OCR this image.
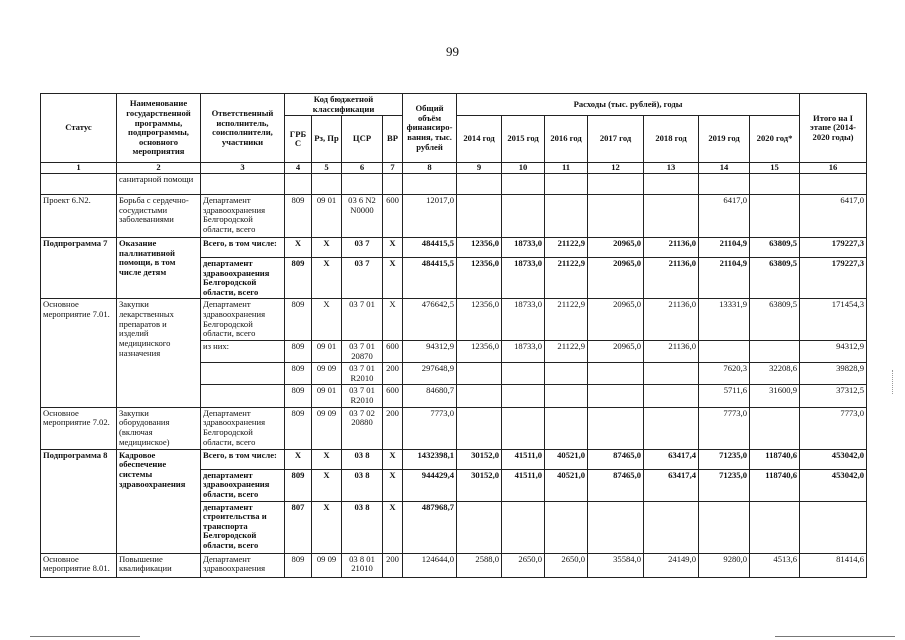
99
Статус	Наименование государственной программы, подпрограммы, основного мероприятия	Ответственный исполнитель, соисполнители, участники	Код бюджетной классификации				Общий объём финансиро-вания, тыс. рублей	Расходы (тыс. рублей), годы							Итого на I этапе (2014-2020 годы)
			ГРБС	Рз, Пр	ЦСР	ВР		2014 год	2015 год	2016 год	2017 год	2018 год	2019 год	2020 год*	
1	2	3	4	5	6	7	8	9	10	11	12	13	14	15	16
	санитарной помощи														
Проект 6.N2.	Борьба с сердечно-сосудистыми заболеваниями	Департамент здравоохранения Белгородской области, всего	809	09 01	03 6 N2 N0000	600	12017,0						6417,0		6417,0
Подпрограмма 7	Оказание паллиативной помощи, в том числе детям	Всего, в том числе:	Х	Х	03 7	Х	484415,5	12356,0	18733,0	21122,9	20965,0	21136,0	21104,9	63809,5	179227,3
		департамент здравоохранения Белгородской области, всего	809	Х	03 7	Х	484415,5	12356,0	18733,0	21122,9	20965,0	21136,0	21104,9	63809,5	179227,3
Основное мероприятие 7.01.	Закупки лекарственных препаратов и изделий медицинского назначения	Департамент здравоохранения Белгородской области, всего	809	Х	03 7 01	Х	476642,5	12356,0	18733,0	21122,9	20965,0	21136,0	13331,9	63809,5	171454,3
		из них:	809	09 01	03 7 01 20870	600	94312,9	12356,0	18733,0	21122,9	20965,0	21136,0			94312,9
			809	09 09	03 7 01 R2010	200	297648,9						7620,3	32208,6	39828,9
			809	09 01	03 7 01 R2010	600	84680,7						5711,6	31600,9	37312,5
Основное мероприятие 7.02.	Закупки оборудования (включая медицинское)	Департамент здравоохранения Белгородской области, всего	809	09 09	03 7 02 20880	200	7773,0						7773,0		7773,0
Подпрограмма 8	Кадровое обеспечение системы здравоохранения	Всего, в том числе:	Х	Х	03 8	Х	1432398,1	30152,0	41511,0	40521,0	87465,0	63417,4	71235,0	118740,6	453042,0
		департамент здравоохранения области, всего	809	Х	03 8	Х	944429,4	30152,0	41511,0	40521,0	87465,0	63417,4	71235,0	118740,6	453042,0
		департамент строительства и транспорта Белгородской области, всего	807	Х	03 8	Х	487968,7								
Основное мероприятие 8.01.	Повышение квалификации	Департамент здравоохранения	809	09 09	03 8 01 21010	200	124644,0	2588,0	2650,0	2650,0	35584,0	24149,0	9280,0	4513,6	81414,6
